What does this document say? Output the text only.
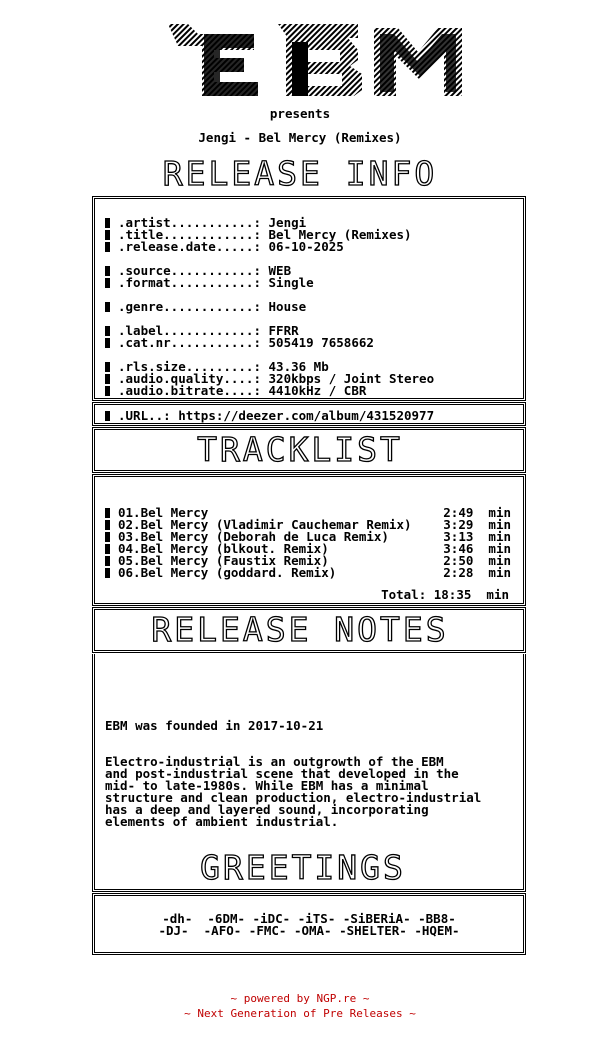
presents
Jengi - Bel Mercy (Remixes)
RELEASE INFO
.artist...........: Jengi
.title............: Bel Mercy (Remixes)
.release.date.....: 06-10-2025
.source...........: WEB
.format...........: Single
.genre............: House
.label............: FFRR
.cat.nr...........: 505419 7658662
.rls.size.........: 43.36 Mb
.audio.quality....: 320kbps / Joint Stereo
.audio.bitrate....: 4410kHz / CBR
.URL..: https://deezer.com/album/431520977
TRACKLIST
01.Bel Mercy	2:49  min
02.Bel Mercy (Vladimir Cauchemar Remix)	3:29  min
03.Bel Mercy (Deborah de Luca Remix)	3:13  min
04.Bel Mercy (blkout. Remix)	3:46  min
05.Bel Mercy (Faustix Remix)	2:50  min
06.Bel Mercy (goddard. Remix)	2:28  min
Total: 18:35  min
RELEASE NOTES
EBM was founded in 2017-10-21
Electro-industrial is an outgrowth of the EBM
and post-industrial scene that developed in the
mid- to late-1980s. While EBM has a minimal
structure and clean production, electro-industrial
has a deep and layered sound, incorporating
elements of ambient industrial.
GREETINGS
-dh-  -6DM- -iDC- -iTS- -SiBERiA- -BB8-
-DJ-  -AFO- -FMC- -OMA- -SHELTER- -HQEM-
~ powered by NGP.re ~
~ Next Generation of Pre Releases ~
